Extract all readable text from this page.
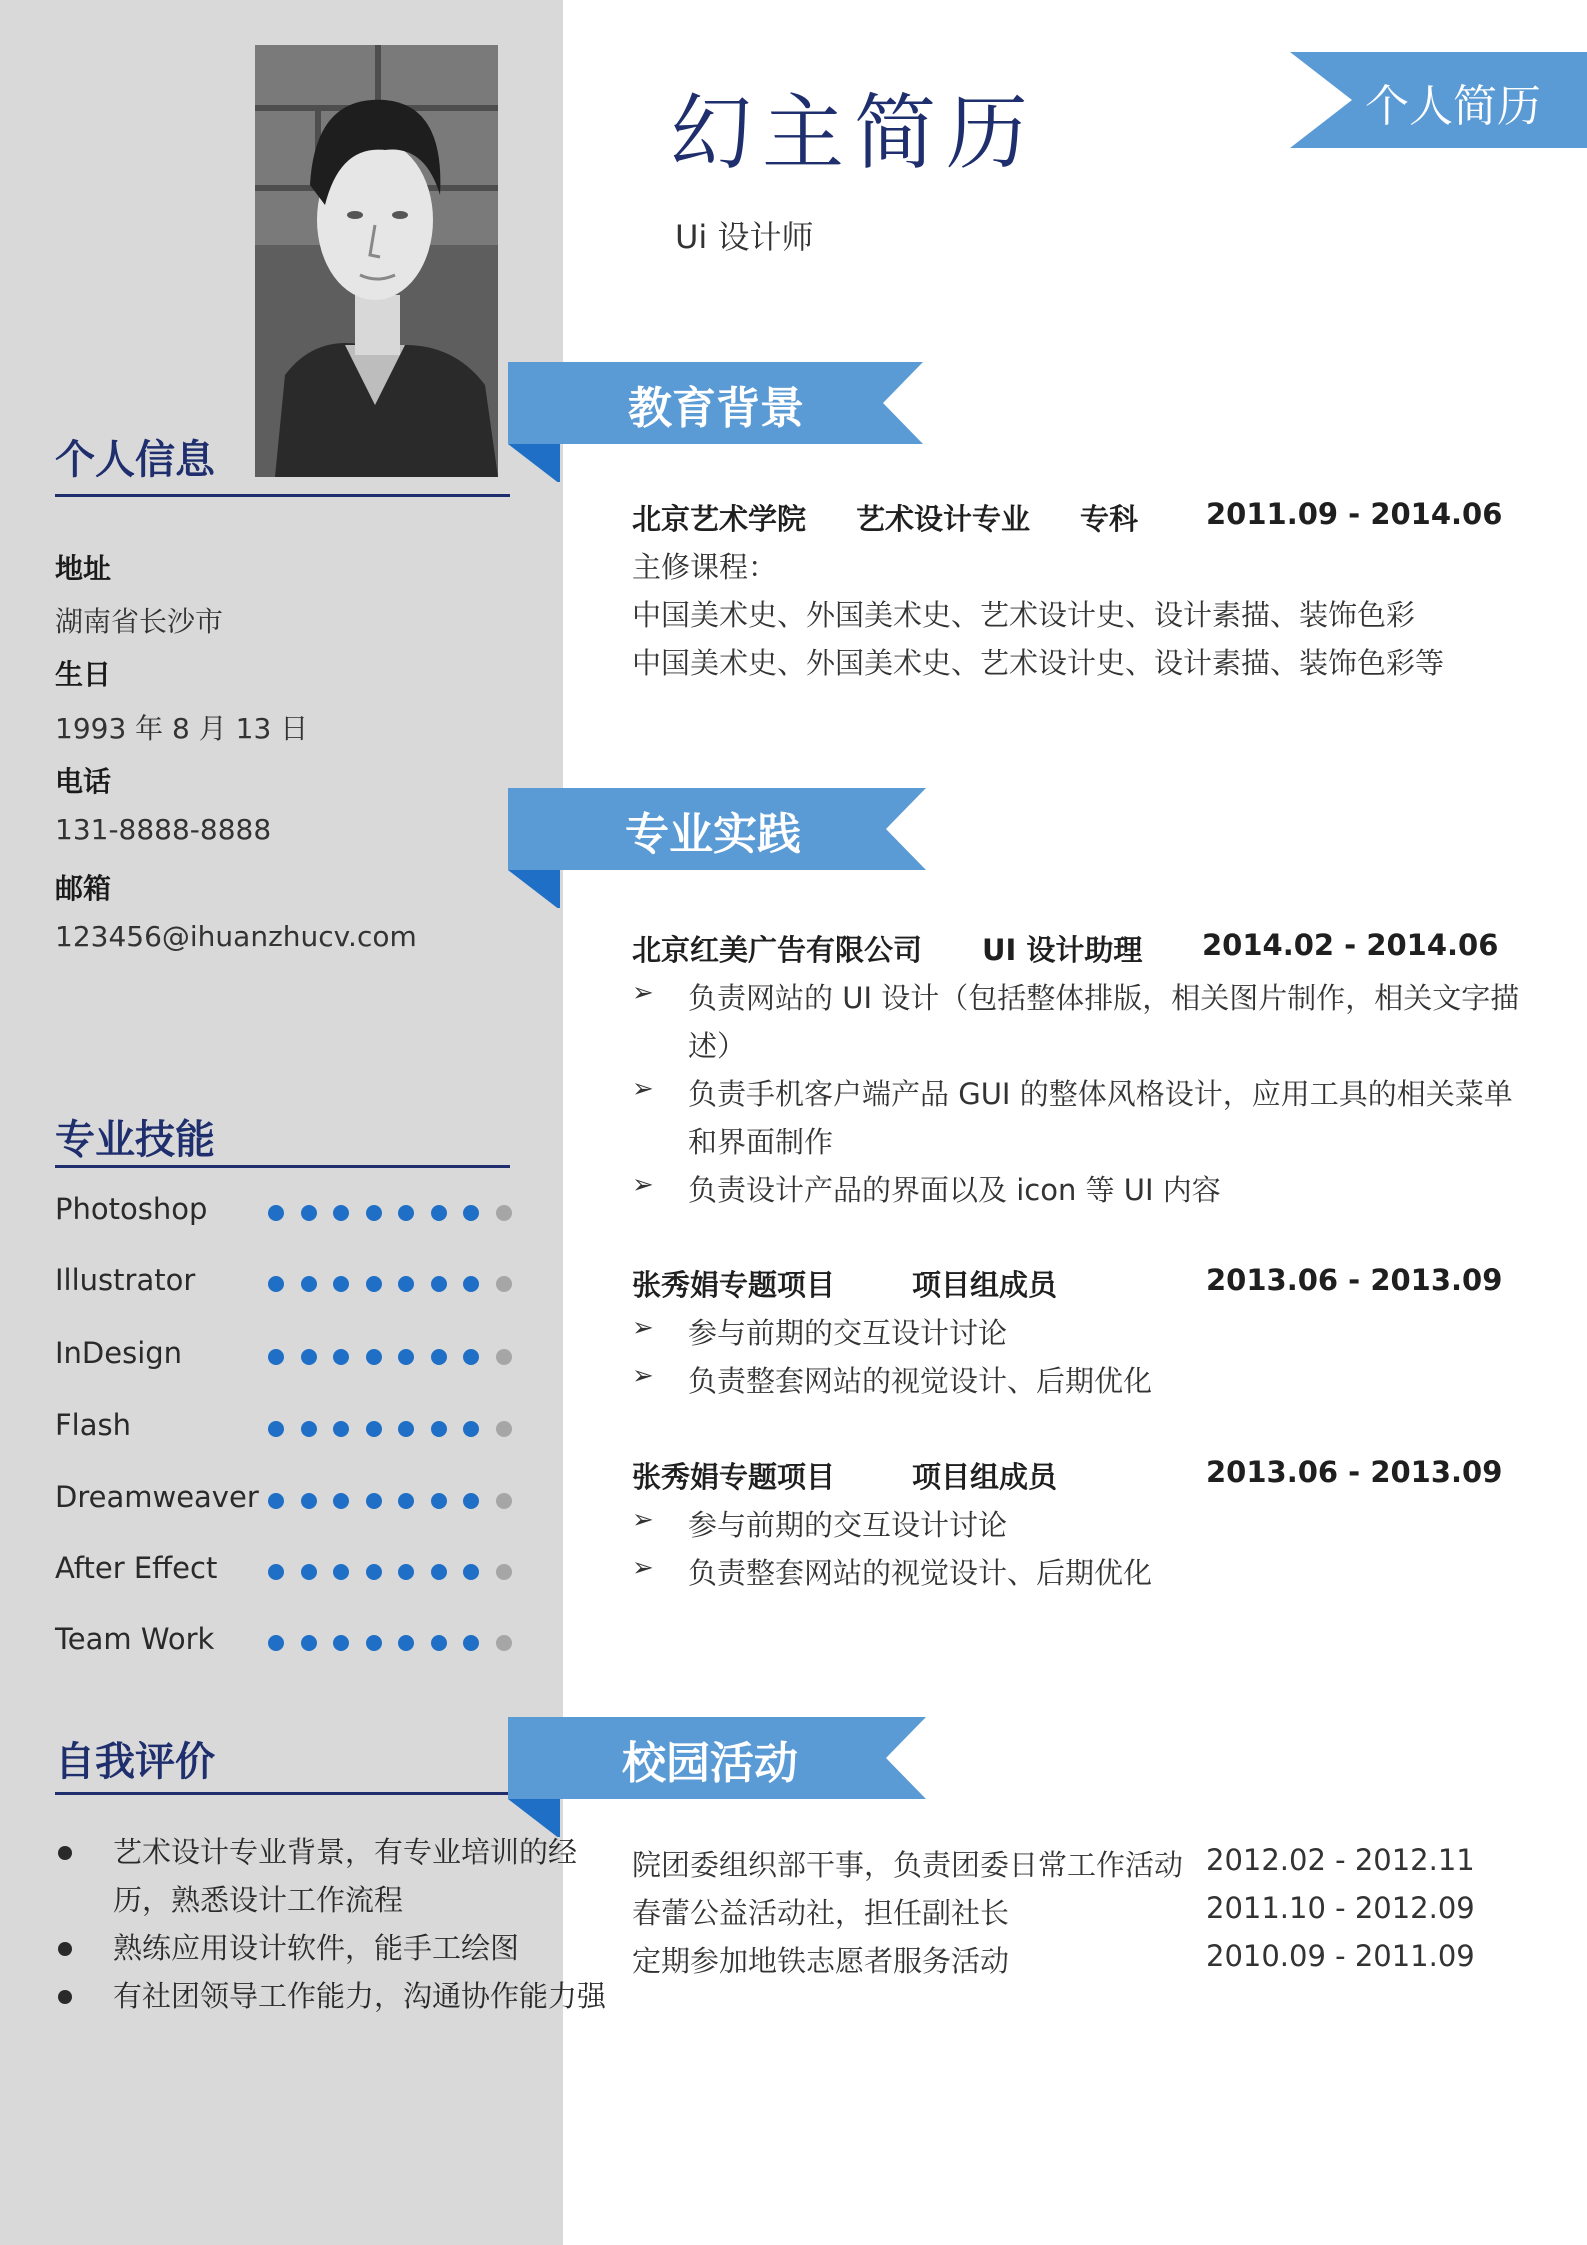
个人信息
地址
湖南省长沙市
生日
1993 年 8 月 13 日
电话
131-8888-8888
邮箱
123456@ihuanzhucv.com
专业技能
Photoshop
Illustrator
InDesign
Flash
Dreamweaver
After Effect
Team Work
自我评价
艺术设计专业背景，有专业培训的经历，熟悉设计工作流程
熟练应用设计软件，能手工绘图
有社团领导工作能力，沟通协作能力强
幻主简历
Ui 设计师
个人简历
教育背景
专业实践
校园活动
北京艺术学院 艺术设计专业 专科 2011.09 - 2014.06
主修课程：
中国美术史、外国美术史、艺术设计史、设计素描、装饰色彩
中国美术史、外国美术史、艺术设计史、设计素描、装饰色彩等
北京红美广告有限公司 UI 设计助理 2014.02 - 2014.06
➢ 负责网站的 UI 设计（包括整体排版，相关图片制作，相关文字描
述）
➢ 负责手机客户端产品 GUI 的整体风格设计，应用工具的相关菜单
和界面制作
➢ 负责设计产品的界面以及 icon 等 UI 内容
张秀娟专题项目	项目组成员	2013.06 - 2013.09
➢ 参与前期的交互设计讨论
➢ 负责整套网站的视觉设计、后期优化
张秀娟专题项目	项目组成员	2013.06 - 2013.09
➢ 参与前期的交互设计讨论
➢ 负责整套网站的视觉设计、后期优化
院团委组织部干事，负责团委日常工作活动 2012.02 - 2012.11
春蕾公益活动社，担任副社长	2011.10 - 2012.09
定期参加地铁志愿者服务活动	2010.09 - 2011.09
